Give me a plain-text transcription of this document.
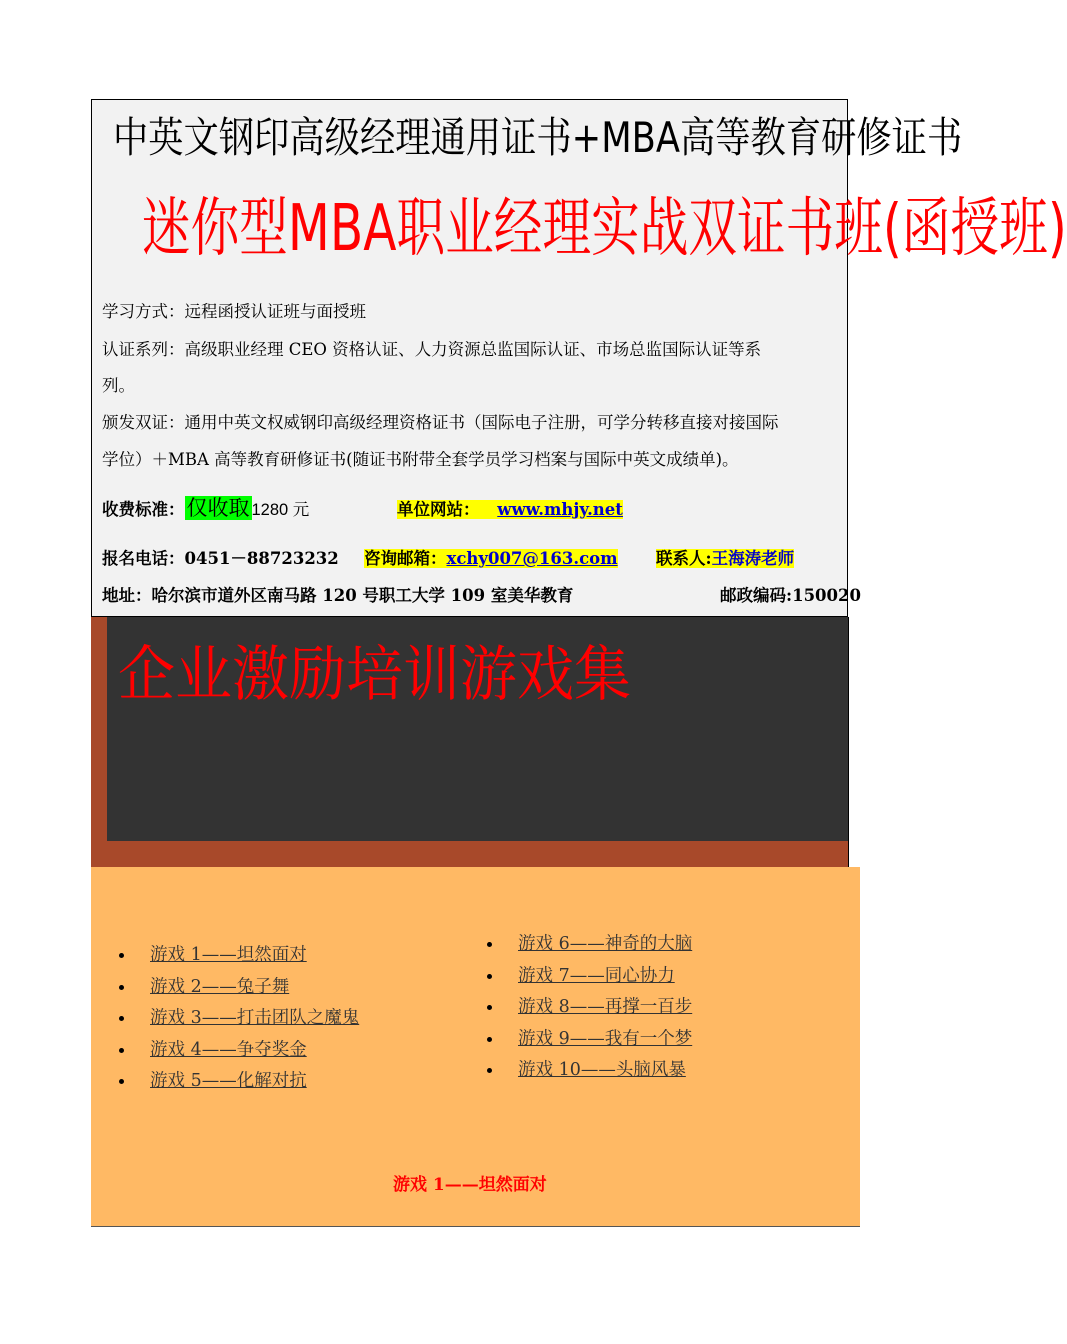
中英文钢印高级经理通用证书+MBA高等教育研修证书
迷你型MBA职业经理实战双证书班(函授班)
学习方式：远程函授认证班与面授班
认证系列：高级职业经理 CEO 资格认证、人力资源总监国际认证、市场总监国际认证等系
列。
颁发双证：通用中英文权威钢印高级经理资格证书（国际电子注册，可学分转移直接对接国际
学位）＋MBA 高等教育研修证书(随证书附带全套学员学习档案与国际中英文成绩单)。
收费标准：仅收取 1280 元	单位网站： www.mhjy.net
报名电话：0451－88723232 咨询邮箱：xchy007@163.com 联系人:王海涛老师
地址：哈尔滨市道外区南马路 120 号职工大学 109 室美华教育	邮政编码:150020
企业激励培训游戏集
游戏 1——坦然面对
游戏 2——兔子舞
游戏 3——打击团队之魔鬼
游戏 4——争夺奖金
游戏 5——化解对抗
游戏 6——神奇的大脑
游戏 7——同心协力
游戏 8——再撑一百步
游戏 9——我有一个梦
游戏 10——头脑风暴
游戏 1——坦然面对
